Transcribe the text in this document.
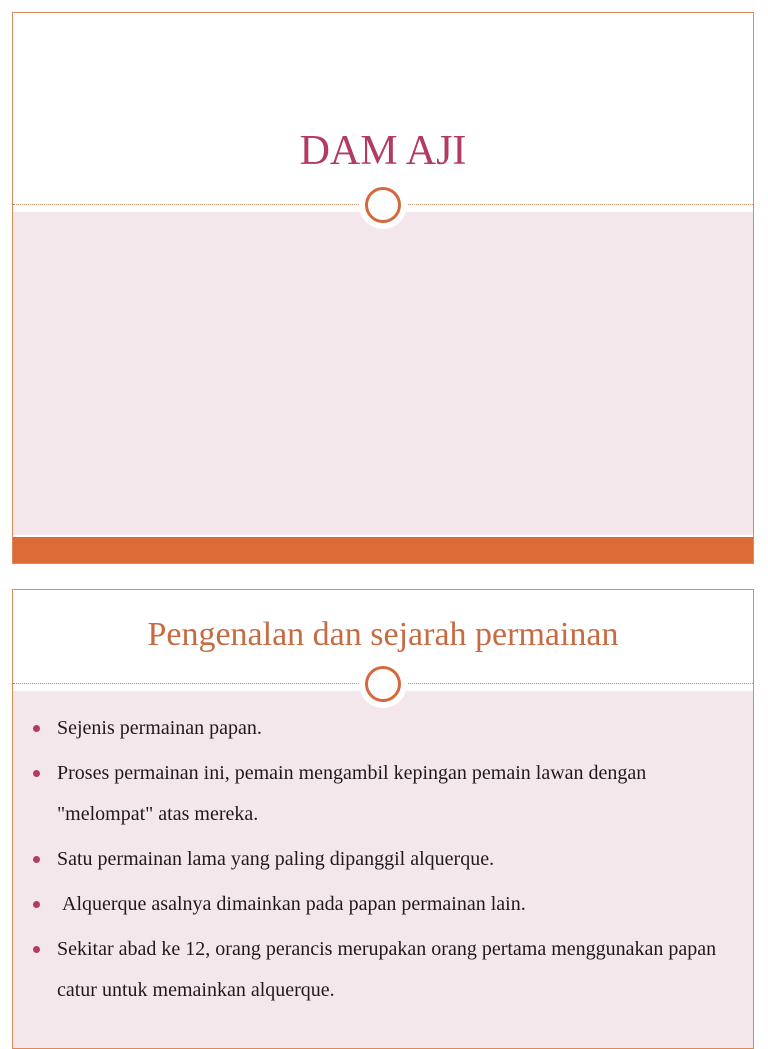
DAM AJI
Pengenalan dan sejarah permainan
Sejenis permainan papan.
Proses permainan ini, pemain mengambil kepingan pemain lawan dengan "melompat" atas mereka.
Satu permainan lama yang paling dipanggil alquerque.
Alquerque asalnya dimainkan pada papan permainan lain.
Sekitar abad ke 12, orang perancis merupakan orang pertama menggunakan papan catur untuk memainkan alquerque.
